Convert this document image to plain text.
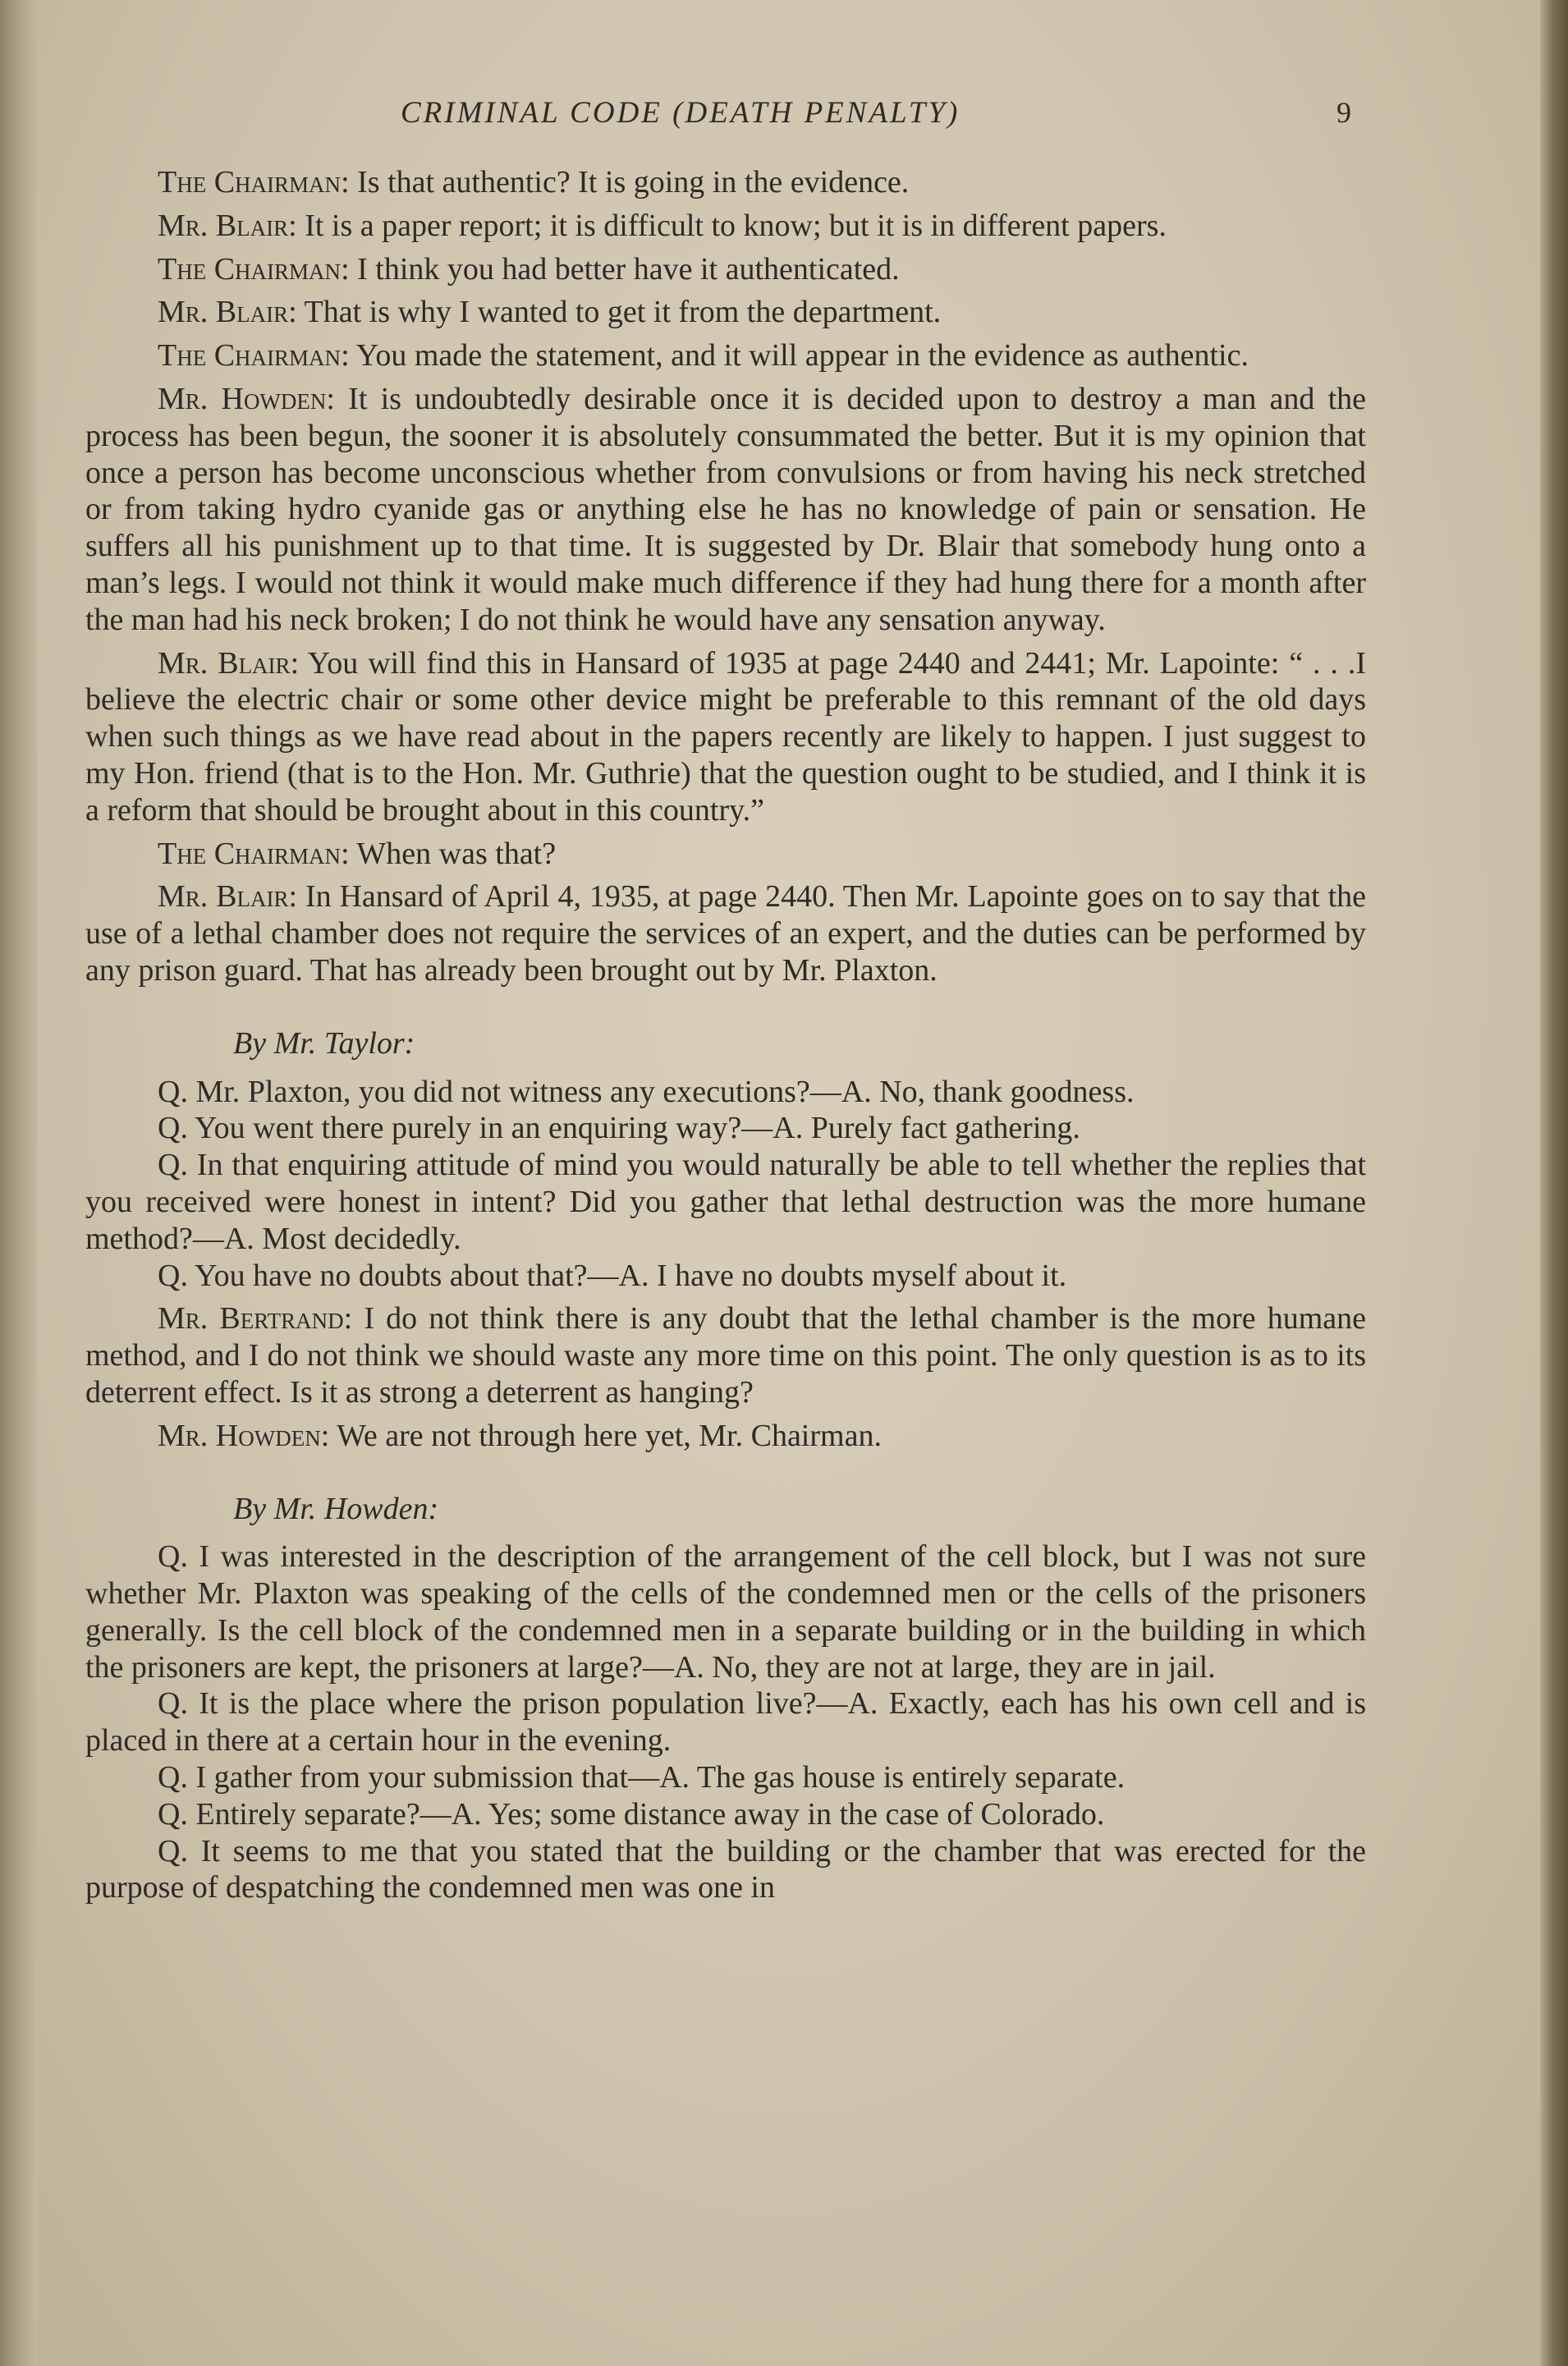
CRIMINAL CODE (DEATH PENALTY)	9

The Chairman: Is that authentic? It is going in the evidence.

Mr. Blair: It is a paper report; it is difficult to know; but it is in different papers.

The Chairman: I think you had better have it authenticated.

Mr. Blair: That is why I wanted to get it from the department.

The Chairman: You made the statement, and it will appear in the evidence as authentic.

Mr. Howden: It is undoubtedly desirable once it is decided upon to destroy a man and the process has been begun, the sooner it is absolutely consummated the better. But it is my opinion that once a person has become unconscious whether from convulsions or from having his neck stretched or from taking hydro cyanide gas or anything else he has no knowledge of pain or sensation. He suffers all his punishment up to that time. It is suggested by Dr. Blair that somebody hung onto a man’s legs. I would not think it would make much difference if they had hung there for a month after the man had his neck broken; I do not think he would have any sensation anyway.

Mr. Blair: You will find this in Hansard of 1935 at page 2440 and 2441; Mr. Lapointe: “ . . .I believe the electric chair or some other device might be preferable to this remnant of the old days when such things as we have read about in the papers recently are likely to happen. I just suggest to my Hon. friend (that is to the Hon. Mr. Guthrie) that the question ought to be studied, and I think it is a reform that should be brought about in this country.”

The Chairman: When was that?

Mr. Blair: In Hansard of April 4, 1935, at page 2440. Then Mr. Lapointe goes on to say that the use of a lethal chamber does not require the services of an expert, and the duties can be performed by any prison guard. That has already been brought out by Mr. Plaxton.

By Mr. Taylor:

Q. Mr. Plaxton, you did not witness any executions?—A. No, thank goodness.

Q. You went there purely in an enquiring way?—A. Purely fact gathering.

Q. In that enquiring attitude of mind you would naturally be able to tell whether the replies that you received were honest in intent? Did you gather that lethal destruction was the more humane method?—A. Most decidedly.

Q. You have no doubts about that?—A. I have no doubts myself about it.

Mr. Bertrand: I do not think there is any doubt that the lethal chamber is the more humane method, and I do not think we should waste any more time on this point. The only question is as to its deterrent effect. Is it as strong a deterrent as hanging?

Mr. Howden: We are not through here yet, Mr. Chairman.

By Mr. Howden:

Q. I was interested in the description of the arrangement of the cell block, but I was not sure whether Mr. Plaxton was speaking of the cells of the condemned men or the cells of the prisoners generally. Is the cell block of the condemned men in a separate building or in the building in which the prisoners are kept, the prisoners at large?—A. No, they are not at large, they are in jail.

Q. It is the place where the prison population live?—A. Exactly, each has his own cell and is placed in there at a certain hour in the evening.

Q. I gather from your submission that—A. The gas house is entirely separate.

Q. Entirely separate?—A. Yes; some distance away in the case of Colorado.

Q. It seems to me that you stated that the building or the chamber that was erected for the purpose of despatching the condemned men was one in
